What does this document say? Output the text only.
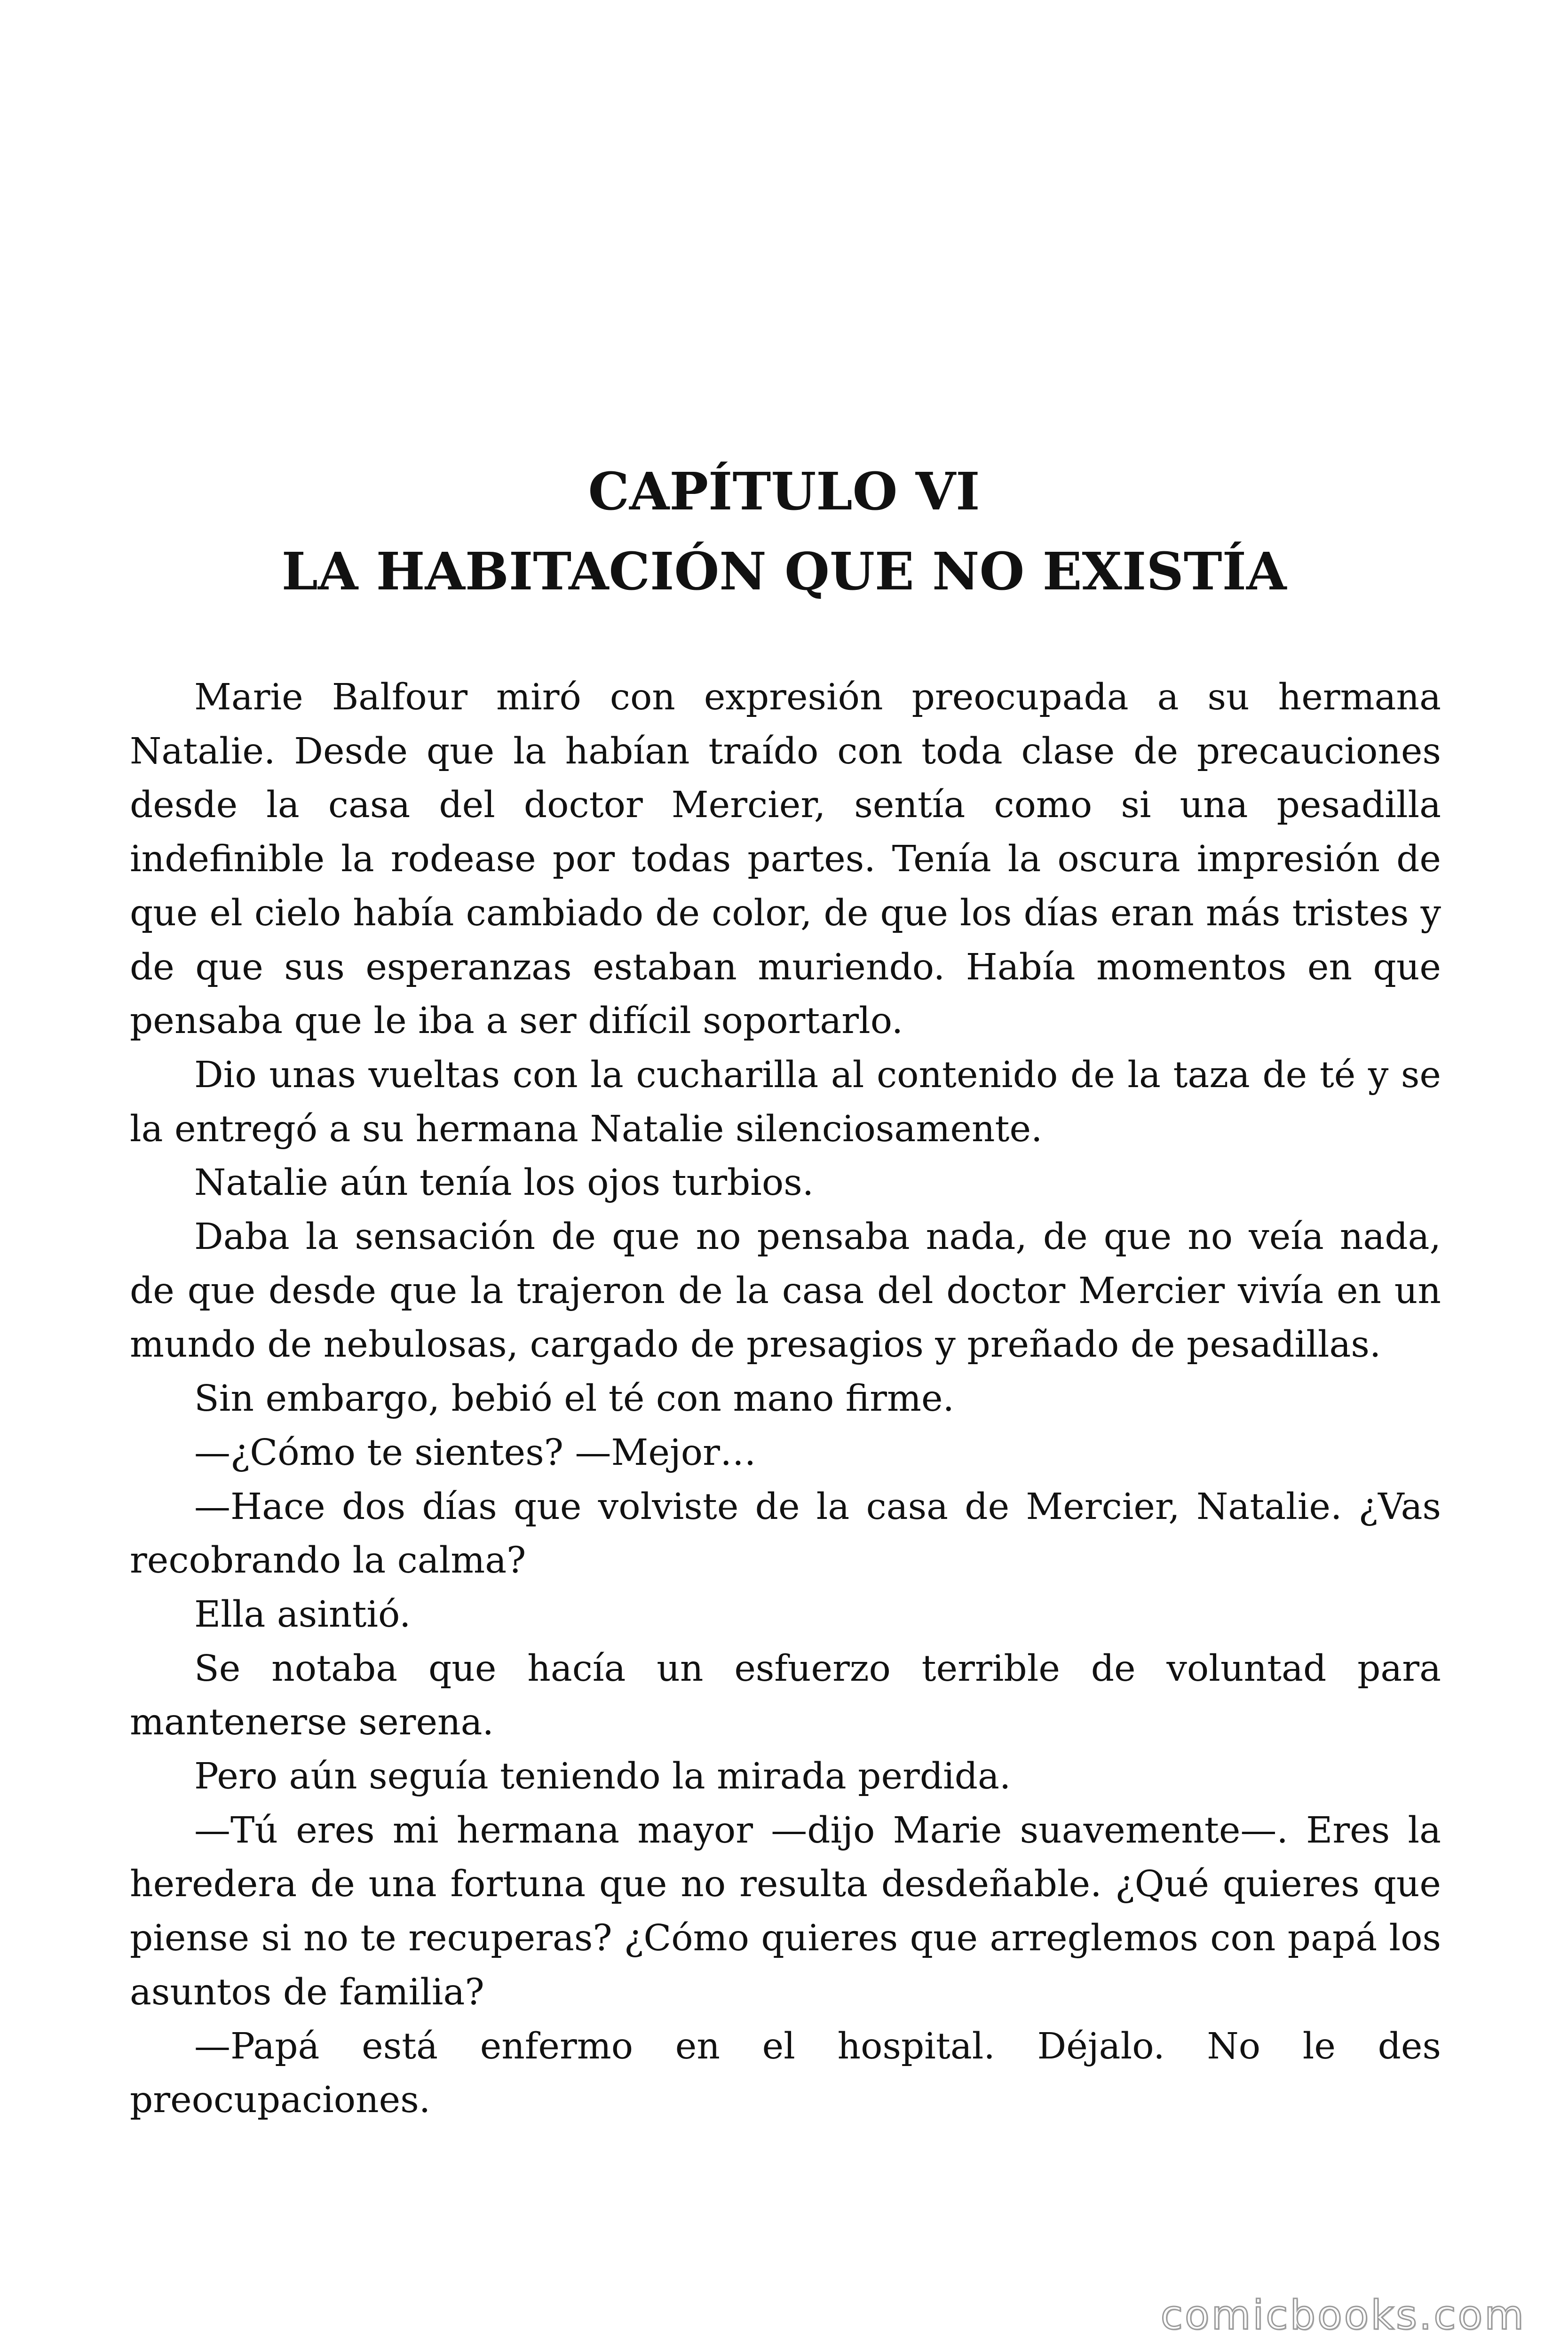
CAPÍTULO VI
LA HABITACIÓN QUE NO EXISTÍA

Marie Balfour miró con expresión preocupada a su hermana Natalie. Desde que la habían traído con toda clase de precauciones desde la casa del doctor Mercier, sentía como si una pesadilla indefinible la rodease por todas partes. Tenía la oscura impresión de que el cielo había cambiado de color, de que los días eran más tristes y de que sus esperanzas estaban muriendo. Había momentos en que pensaba que le iba a ser difícil soportarlo.

Dio unas vueltas con la cucharilla al contenido de la taza de té y se la entregó a su hermana Natalie silenciosamente.

Natalie aún tenía los ojos turbios.

Daba la sensación de que no pensaba nada, de que no veía nada, de que desde que la trajeron de la casa del doctor Mercier vivía en un mundo de nebulosas, cargado de presagios y preñado de pesadillas.

Sin embargo, bebió el té con mano firme.

—¿Cómo te sientes? —Mejor…

—Hace dos días que volviste de la casa de Mercier, Natalie. ¿Vas recobrando la calma?

Ella asintió.

Se notaba que hacía un esfuerzo terrible de voluntad para mantenerse serena.

Pero aún seguía teniendo la mirada perdida.

—Tú eres mi hermana mayor —dijo Marie suavemente—. Eres la heredera de una fortuna que no resulta desdeñable. ¿Qué quieres que piense si no te recuperas? ¿Cómo quieres que arreglemos con papá los asuntos de familia?

—Papá está enfermo en el hospital. Déjalo. No le des preocupaciones.

comicbooks.com
